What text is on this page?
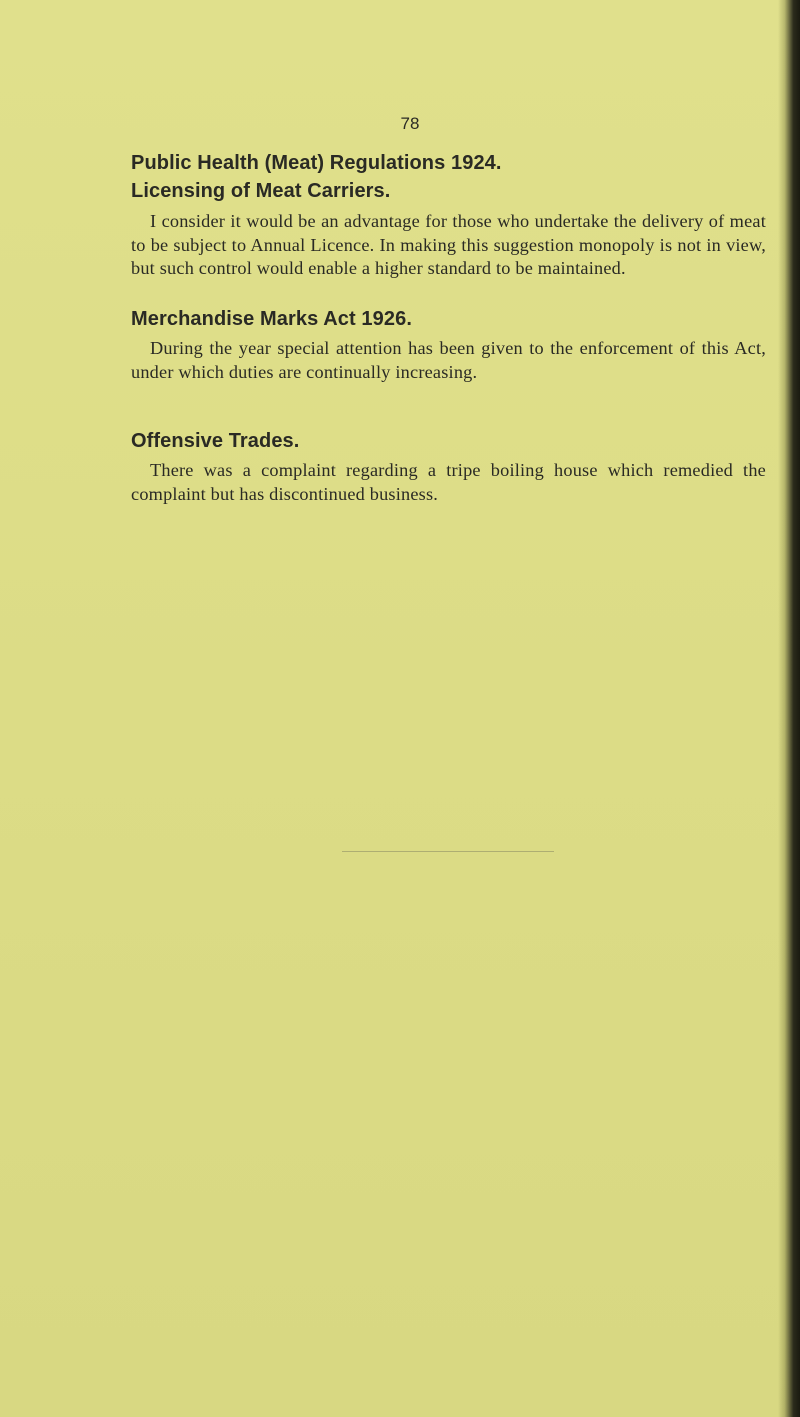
78
Public Health (Meat) Regulations 1924.
Licensing of Meat Carriers.

I consider it would be an advantage for those who undertake the delivery of meat to be subject to Annual Licence. In making this suggestion monopoly is not in view, but such control would enable a higher standard to be maintained.

Merchandise Marks Act 1926.

During the year special attention has been given to the enforcement of this Act, under which duties are continually increasing.

Offensive Trades.

There was a complaint regarding a tripe boiling house which remedied the complaint but has discontinued business.
